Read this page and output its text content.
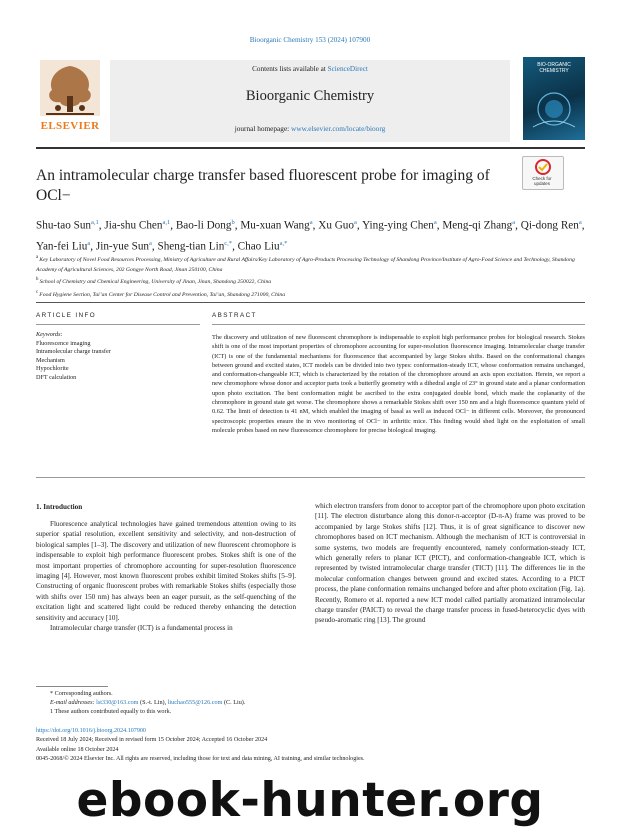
Bioorganic Chemistry 153 (2024) 107900
Contents lists available at ScienceDirect
Bioorganic Chemistry
journal homepage: www.elsevier.com/locate/bioorg
ELSEVIER
BIO-ORGANIC
CHEMISTRY
An intramolecular charge transfer based fluorescent probe for imaging of OCl−
Check for
updates
Shu-tao Sun$^{a,1}$, Jia-shu Chen$^{a,1}$, Bao-li Dong$^b$, Mu-xuan Wang$^a$, Xu Guo$^a$, Ying-ying Chen$^a$, Meng-qi Zhang$^a$, Qi-dong Ren$^a$, Yan-fei Liu$^a$, Jin-yue Sun$^a$, Sheng-tian Lin$^{c,*}$, Chao Liu$^{a,*}$
$^a$ Key Laboratory of Novel Food Resources Processing, Ministry of Agriculture and Rural Affairs/Key Laboratory of Agro-Products Processing Technology of Shandong Province/Institute of Agro-Food Science and Technology, Shandong Academy of Agricultural Sciences, 202 Gongye North Road, Jinan 250100, China
$^b$ School of Chemistry and Chemical Engineering, University of Jinan, Jinan, Shandong 250022, China
$^c$ Food Hygiene Section, Tai’an Center for Disease Control and Prevention, Tai’an, Shandong 271000, China
ARTICLE INFO	ABSTRACT
Keywords:
Fluorescence imaging
Intramolecular charge transfer
Mechanism
Hypochlorite
DFT calculation
The discovery and utilization of new fluorescent chromophore is indispensable to exploit high performance probes for biological research. Stokes shift is one of the most important properties of chromophore accounting for super-resolution fluorescence imaging. Intramolecular charge transfer (ICT) is one of the fundamental mechanisms for fluorescence that accompanied by large Stokes shifts. Based on the conformational changes between ground and excited states, ICT models can be divided into two types: conformation-steady ICT, whose conformation remains unchanged, and conformation-changeable ICT, which is characterized by the rotation of the chromophore around an axis upon excitation. Herein, we report a new chromophore whose donor and acceptor parts took a butterfly geometry with a dihedral angle of 23° in ground state and a planar conformation upon photo excitation. The bent conformation might be ascribed to the extra conjugated double bond, which made the coplanarity of the chromophore in ground state get worse. The chromophore shows a remarkable Stokes shift over 150 nm and a high fluorescence quantum yield of 0.62. The limit of detection is 41 nM, which enabled the imaging of basal as well as induced OCl− in different cells. Moreover, the pronounced spectroscopic properties ensure the in vivo monitoring of OCl− in arthritic mice. This finding would shed light on the exploitation of small molecule probes based on new fluorescence chromophore for precise biological imaging.
1. Introduction

Fluorescence analytical technologies have gained tremendous attention owing to its superior spatial resolution, excellent sensitivity and selectivity, and non-destruction of biological samples [1–3]. The discovery and utilization of new fluorescent chromophore is indispensable to exploit high performance fluorescent probes. Stokes shift is one of the most important properties of chromophore accounting for super-resolution fluorescence imaging [4]. However, most known fluorescent probes exhibit limited Stokes shifts [5–9]. Constructing of organic fluorescent probes with remarkable Stokes shifts (especially those with shifts over 150 nm) has always been an eager pursuit, as the self-quenching of the excitation light and scattered light could be reduced thereby enhancing the detection sensitivity and accuracy [10].

Intramolecular charge transfer (ICT) is a fundamental process in

which electron transfers from donor to acceptor part of the chromophore upon photo excitation [11]. The electron disturbance along this donor-π-acceptor (D-π-A) frame was proved to be accompanied by large Stokes shifts [12]. Thus, it is of great significance to discover new chromophores based on ICT mechanism. Although the mechanism of ICT is controversial in some systems, two models are frequently encountered, namely conformation-steady ICT, which generally refers to planar ICT (PICT), and conformation-changeable ICT, which is represented by twisted intramolecular charge transfer (TICT) [11]. The differences lie in the molecular conformation changes between ground and excited states. According to a PICT process, the plane conformation remains unchanged before and after photo excitation (Fig. 1a). Recently, Romero et al. reported a new ICT model called partially aromatized intramolecular charge transfer (PAICT) to reveal the charge transfer process in fused-heterocyclic dyes with pseudo-aromatic ring [13]. The ground

* Corresponding authors.
E-mail addresses: lst330@163.com (S.-t. Lin), liuchao555@126.com (C. Liu).
1 These authors contributed equally to this work.
https://doi.org/10.1016/j.bioorg.2024.107900
Received 18 July 2024; Received in revised form 15 October 2024; Accepted 16 October 2024
Available online 18 October 2024
0045-2068/© 2024 Elsevier Inc. All rights are reserved, including those for text and data mining, AI training, and similar technologies.
ebook-hunter.org
